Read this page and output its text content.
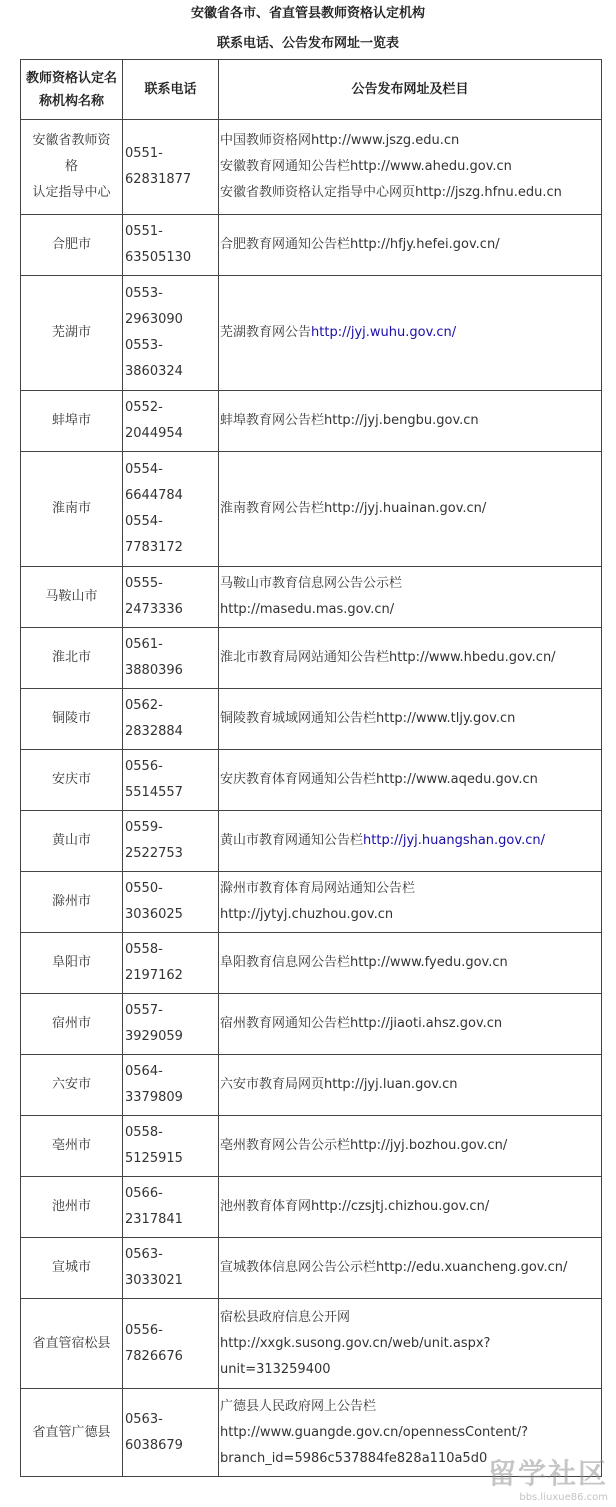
安徽省各市、省直管县教师资格认定机构
联系电话、公告发布网址一览表
教师资格认定名称机构名称	联系电话	公告发布网址及栏目

安徽省教师资
格
认定指导中心	0551-
62831877	中国教师资格网http://www.jszg.edu.cn
安徽教育网通知公告栏http://www.ahedu.gov.cn
安徽省教师资格认定指导中心网页http://jszg.hfnu.edu.cn

合肥市	0551-
63505130	合肥教育网通知公告栏http://hfjy.hefei.gov.cn/

芜湖市	0553-
2963090
0553-
3860324	芜湖教育网公告http://jyj.wuhu.gov.cn/

蚌埠市	0552-
2044954	蚌埠教育网公告栏http://jyj.bengbu.gov.cn

淮南市	0554-
6644784
0554-
7783172	淮南教育网公告栏http://jyj.huainan.gov.cn/

马鞍山市	0555-
2473336	马鞍山市教育信息网公告公示栏
http://masedu.mas.gov.cn/

淮北市	0561-
3880396	淮北市教育局网站通知公告栏http://www.hbedu.gov.cn/

铜陵市	0562-
2832884	铜陵教育城域网通知公告栏http://www.tljy.gov.cn

安庆市	0556-
5514557	安庆教育体育网通知公告栏http://www.aqedu.gov.cn

黄山市	0559-
2522753	黄山市教育网通知公告栏http://jyj.huangshan.gov.cn/

滁州市	0550-
3036025	滁州市教育体育局网站通知公告栏
http://jytyj.chuzhou.gov.cn

阜阳市	0558-
2197162	阜阳教育信息网公告栏http://www.fyedu.gov.cn

宿州市	0557-
3929059	宿州教育网通知公告栏http://jiaoti.ahsz.gov.cn

六安市	0564-
3379809	六安市教育局网页http://jyj.luan.gov.cn

亳州市	0558-
5125915	亳州教育网公告公示栏http://jyj.bozhou.gov.cn/

池州市	0566-
2317841	池州教育体育网http://czsjtj.chizhou.gov.cn/

宣城市	0563-
3033021	宣城教体信息网公告公示栏http://edu.xuancheng.gov.cn/

省直管宿松县	0556-
7826676	宿松县政府信息公开网
http://xxgk.susong.gov.cn/web/unit.aspx?
unit=313259400

省直管广德县	0563-
6038679	广德县人民政府网上公告栏
http://www.guangde.gov.cn/opennessContent/?
branch_id=5986c537884fe828a110a5d0 留学社区
bbs.liuxue86.com
